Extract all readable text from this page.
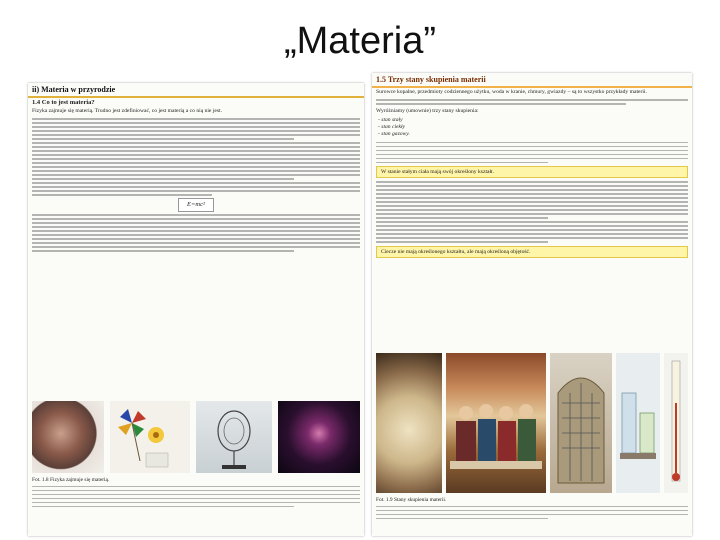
„Materia”
ii) Materia w przyrodzie
1.4 Co to jest materia?
Fizyka zajmuje się materią. Trudno jest zdefiniować, co jest materią a co nią nie jest.
E=mc²
Fot. 1.8 Fizyka zajmuje się materią.
1.5 Trzy stany skupienia materii
Surowce kopalne, przedmioty codziennego użytku, woda w kranie, chmury, gwiazdy – są to wszystko przykłady materii.
Wyróżniamy (umownie) trzy stany skupienia:
- stan stały
- stan ciekły
- stan gazowy.
W stanie stałym ciała mają swój określony kształt.
Ciecze nie mają określonego kształtu, ale mają określoną objętość.
Fot. 1.9 Stany skupienia materii.
